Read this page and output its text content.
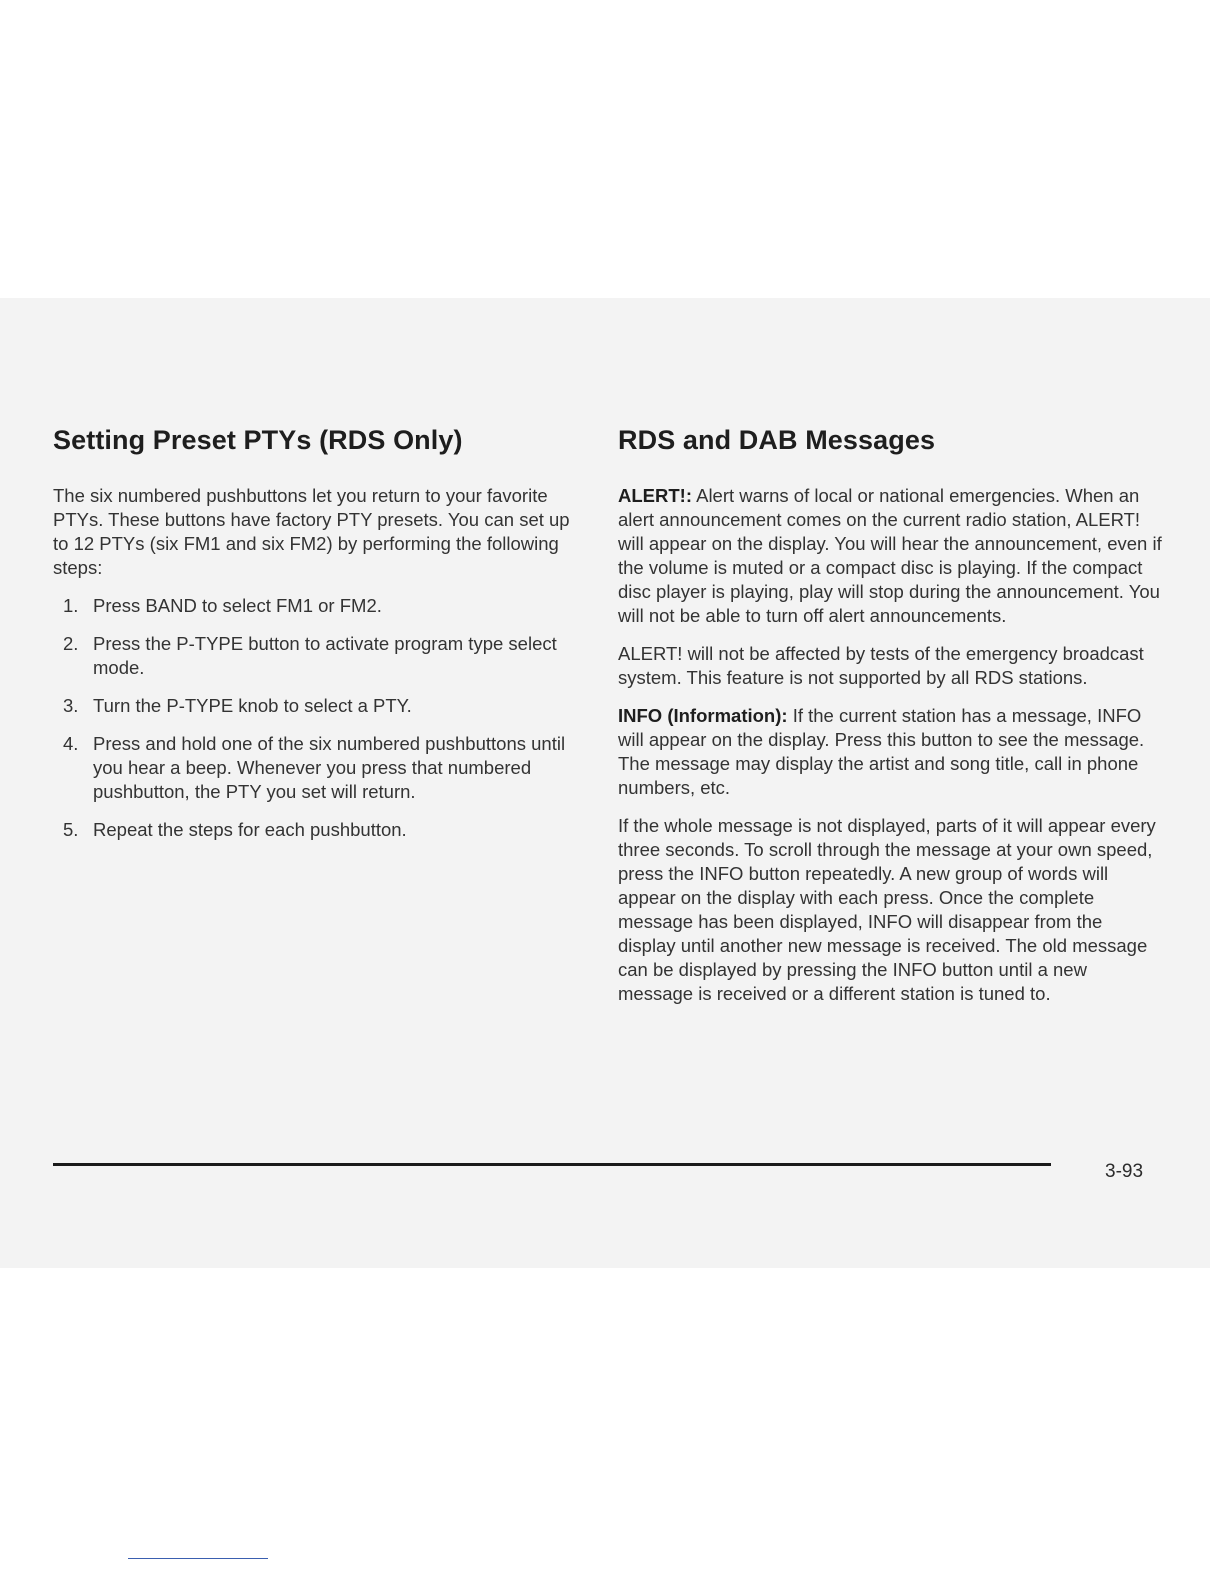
Setting Preset PTYs (RDS Only)

The six numbered pushbuttons let you return to your favorite PTYs. These buttons have factory PTY presets. You can set up to 12 PTYs (six FM1 and six FM2) by performing the following steps:

1. Press BAND to select FM1 or FM2.
2. Press the P-TYPE button to activate program type select mode.
3. Turn the P-TYPE knob to select a PTY.
4. Press and hold one of the six numbered pushbuttons until you hear a beep. Whenever you press that numbered pushbutton, the PTY you set will return.
5. Repeat the steps for each pushbutton.
RDS and DAB Messages

ALERT!: Alert warns of local or national emergencies. When an alert announcement comes on the current radio station, ALERT! will appear on the display. You will hear the announcement, even if the volume is muted or a compact disc is playing. If the compact disc player is playing, play will stop during the announcement. You will not be able to turn off alert announcements.

ALERT! will not be affected by tests of the emergency broadcast system. This feature is not supported by all RDS stations.

INFO (Information): If the current station has a message, INFO will appear on the display. Press this button to see the message. The message may display the artist and song title, call in phone numbers, etc.

If the whole message is not displayed, parts of it will appear every three seconds. To scroll through the message at your own speed, press the INFO button repeatedly. A new group of words will appear on the display with each press. Once the complete message has been displayed, INFO will disappear from the display until another new message is received. The old message can be displayed by pressing the INFO button until a new message is received or a different station is tuned to.

3-93
